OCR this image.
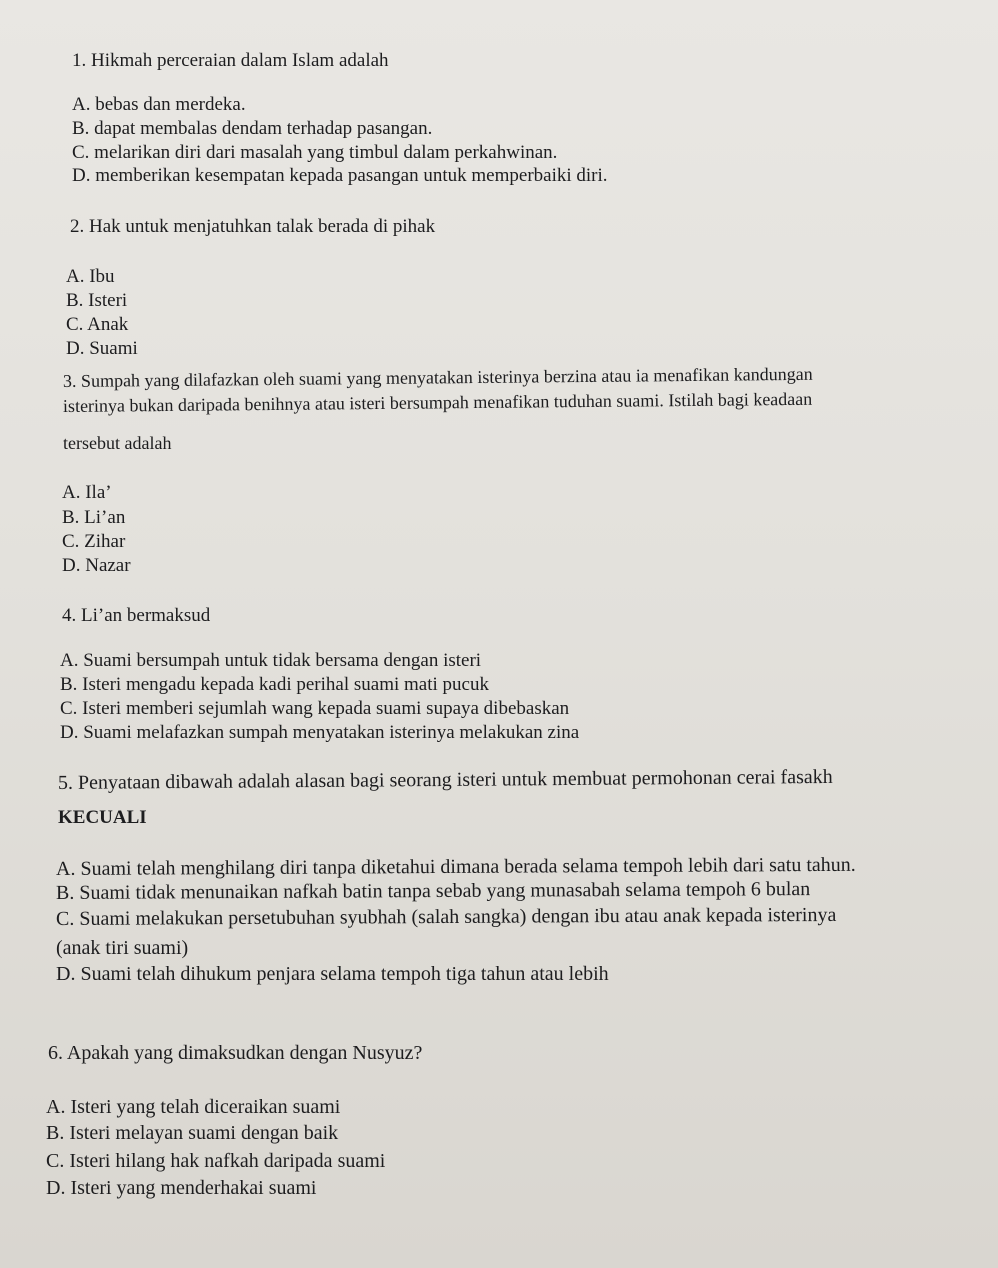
1. Hikmah perceraian dalam Islam adalah
A. bebas dan merdeka.
B. dapat membalas dendam terhadap pasangan.
C. melarikan diri dari masalah yang timbul dalam perkahwinan.
D. memberikan kesempatan kepada pasangan untuk memperbaiki diri.
2. Hak untuk menjatuhkan talak berada di pihak
A. Ibu
B. Isteri
C. Anak
D. Suami
3. Sumpah yang dilafazkan oleh suami yang menyatakan isterinya berzina atau ia menafikan kandungan
isterinya bukan daripada benihnya atau isteri bersumpah menafikan tuduhan suami. Istilah bagi keadaan
tersebut adalah
A. Ila’
B. Li’an
C. Zihar
D. Nazar
4. Li’an bermaksud
A. Suami bersumpah untuk tidak bersama dengan isteri
B. Isteri mengadu kepada kadi perihal suami mati pucuk
C. Isteri memberi sejumlah wang kepada suami supaya dibebaskan
D. Suami melafazkan sumpah menyatakan isterinya melakukan zina
5. Penyataan dibawah adalah alasan bagi seorang isteri untuk membuat permohonan cerai fasakh
KECUALI
A. Suami telah menghilang diri tanpa diketahui dimana berada selama tempoh lebih dari satu tahun.
B. Suami tidak menunaikan nafkah batin tanpa sebab yang munasabah selama tempoh 6 bulan
C. Suami melakukan persetubuhan syubhah (salah sangka) dengan ibu atau anak kepada isterinya
(anak tiri suami)
D. Suami telah dihukum penjara selama tempoh tiga tahun atau lebih
6. Apakah yang dimaksudkan dengan Nusyuz?
A. Isteri yang telah diceraikan suami
B. Isteri melayan suami dengan baik
C. Isteri hilang hak nafkah daripada suami
D. Isteri yang menderhakai suami
